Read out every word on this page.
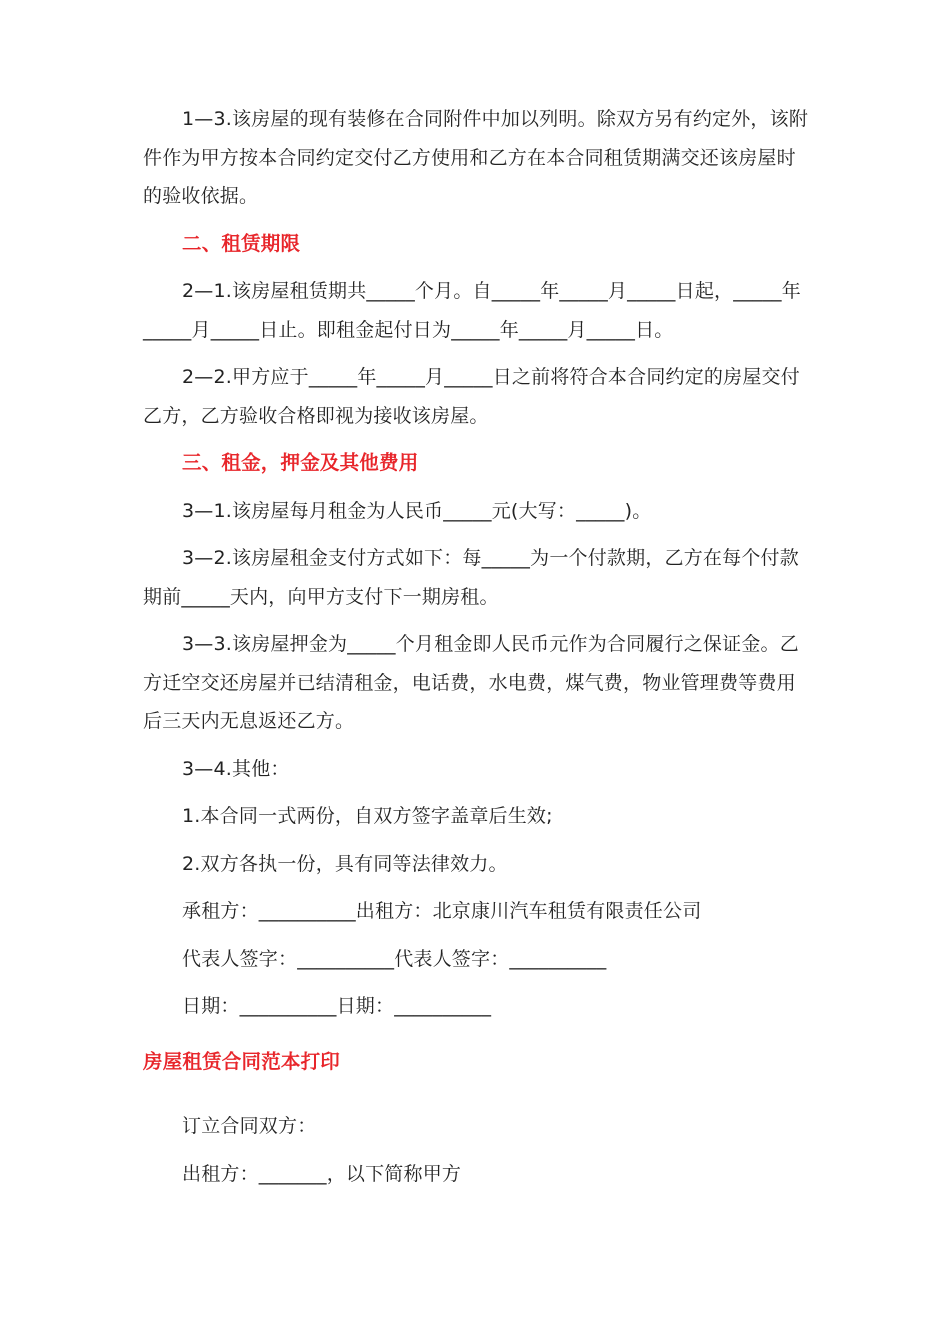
1—3.该房屋的现有装修在合同附件中加以列明。除双方另有约定外，该附件作为甲方按本合同约定交付乙方使用和乙方在本合同租赁期满交还该房屋时的验收依据。

二、租赁期限

2—1.该房屋租赁期共_____个月。自_____年_____月_____日起，_____年_____月_____日止。即租金起付日为_____年_____月_____日。

2—2.甲方应于_____年_____月_____日之前将符合本合同约定的房屋交付乙方，乙方验收合格即视为接收该房屋。

三、租金，押金及其他费用

3—1.该房屋每月租金为人民币_____元(大写：_____)。

3—2.该房屋租金支付方式如下：每_____为一个付款期，乙方在每个付款期前_____天内，向甲方支付下一期房租。

3—3.该房屋押金为_____个月租金即人民币元作为合同履行之保证金。乙方迁空交还房屋并已结清租金，电话费，水电费，煤气费，物业管理费等费用后三天内无息返还乙方。

3—4.其他：

1.本合同一式两份，自双方签字盖章后生效;

2.双方各执一份，具有同等法律效力。

承租方：__________出租方：北京康川汽车租赁有限责任公司

代表人签字：__________代表人签字：__________

日期：__________日期：__________

房屋租赁合同范本打印

订立合同双方：

出租方：_______，以下简称甲方
